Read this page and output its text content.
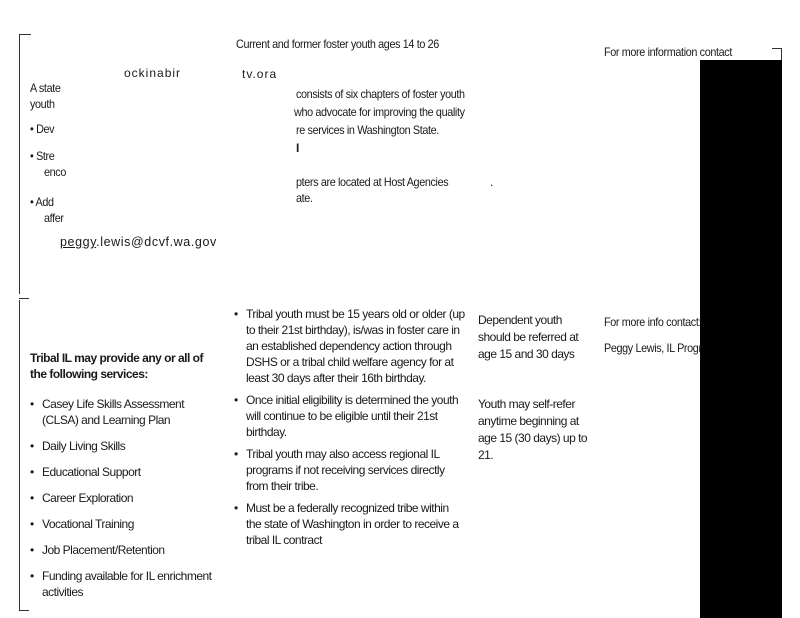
Current and former foster youth ages 14 to 26
For more information contact
ockinabir	tv.ora
A state
youth
• Dev
• Stre
enco
• Add
affer
consists of six chapters of foster youth
who advocate for improving the quality
re services in Washington State.
I
pters are located at Host Agencies
ate.
.
peggy.lewis@dcvf.wa.gov
Tribal IL may provide any or all of the following services:
• Casey Life Skills Assessment (CLSA) and Learning Plan
• Daily Living Skills
• Educational Support
• Career Exploration
• Vocational Training
• Job Placement/Retention
• Funding available for IL enrichment activities
• Tribal youth must be 15 years old or older (up to their 21st birthday), is/was in foster care in an established dependency action through DSHS or a tribal child welfare agency for at least 30 days after their 16th birthday.
• Once initial eligibility is determined the youth will continue to be eligible until their 21st birthday.
• Tribal youth may also access regional IL programs if not receiving services directly from their tribe.
• Must be a federally recognized tribe within the state of Washington in order to receive a tribal IL contract
Dependent youth should be referred at age 15 and 30 days
Youth may self-refer anytime beginning at age 15 (30 days) up to 21.
For more info contact:
Peggy Lewis, IL Progr
